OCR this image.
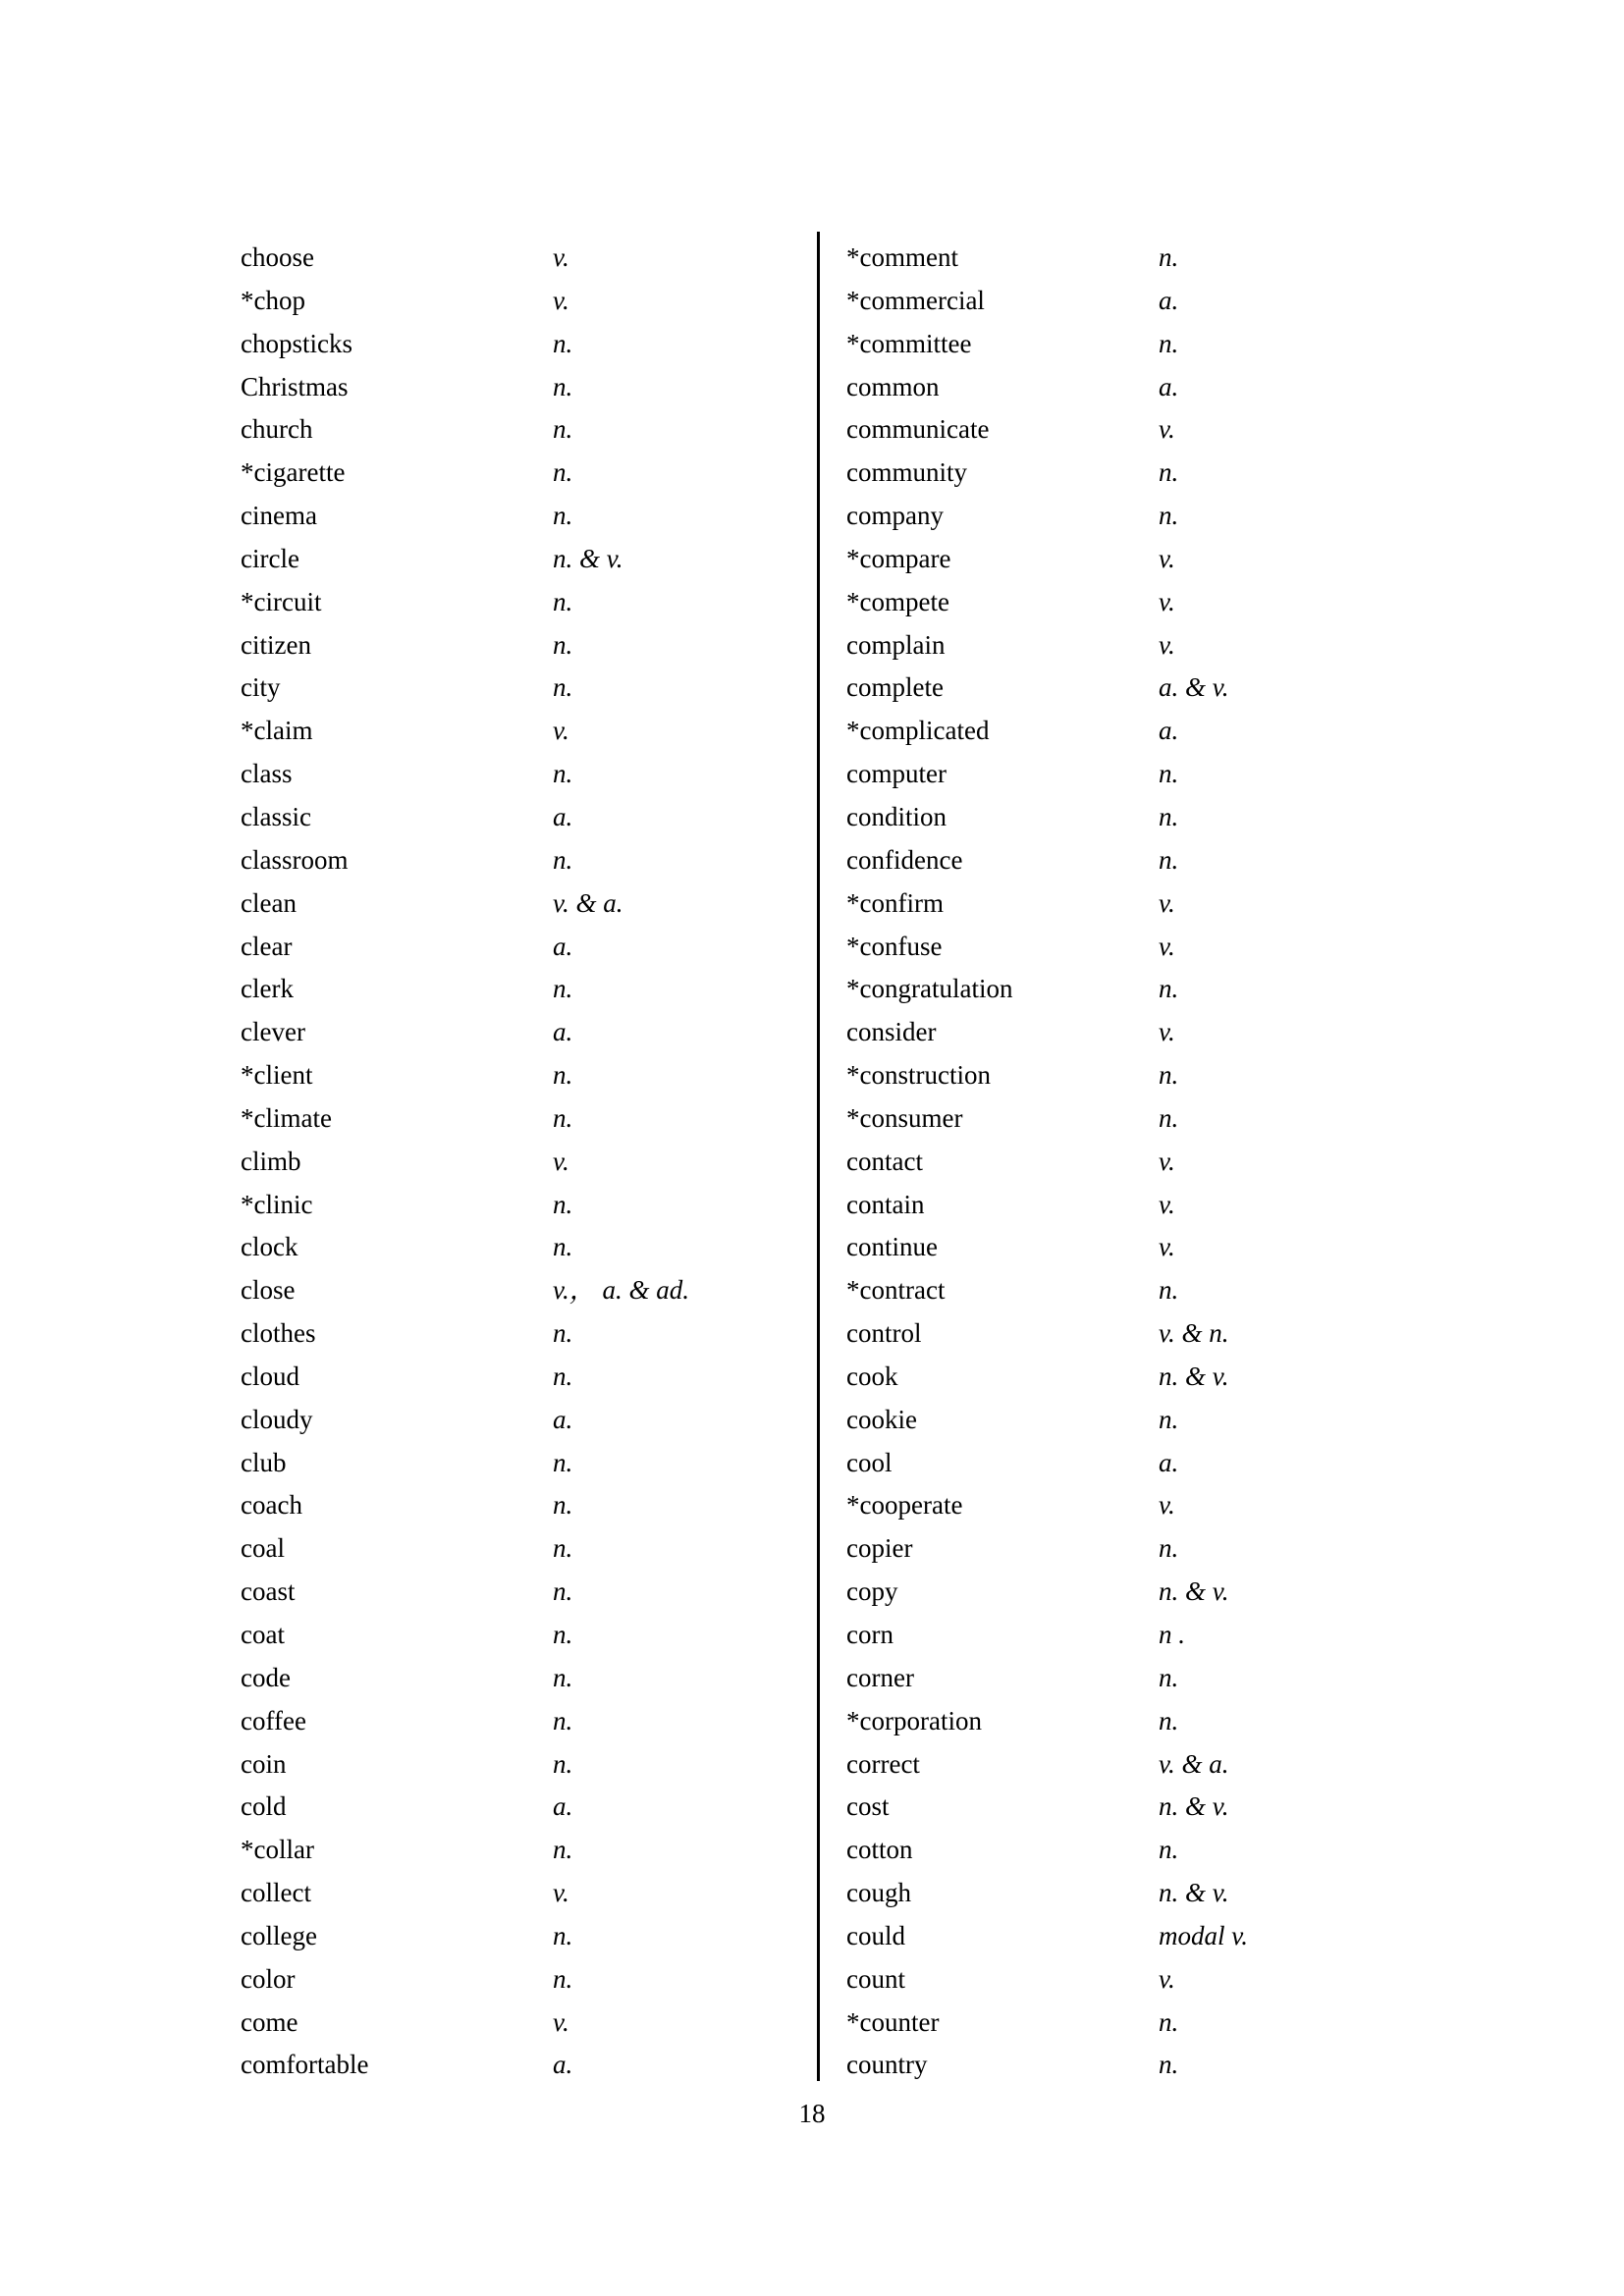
choose	v.
*chop	v.
chopsticks	n.
Christmas	n.
church	n.
*cigarette	n.
cinema	n.
circle	n. & v.
*circuit	n.
citizen	n.
city	n.
*claim	v.
class	n.
classic	a.
classroom	n.
clean	v. & a.
clear	a.
clerk	n.
clever	a.
*client	n.
*climate	n.
climb	v.
*clinic	n.
clock	n.
close	v.， a. & ad.
clothes	n.
cloud	n.
cloudy	a.
club	n.
coach	n.
coal	n.
coast	n.
coat	n.
code	n.
coffee	n.
coin	n.
cold	a.
*collar	n.
collect	v.
college	n.
color	n.
come	v.
comfortable	a.
*comment	n.
*commercial	a.
*committee	n.
common	a.
communicate	v.
community	n.
company	n.
*compare	v.
*compete	v.
complain	v.
complete	a. & v.
*complicated	a.
computer	n.
condition	n.
confidence	n.
*confirm	v.
*confuse	v.
*congratulation	n.
consider	v.
*construction	n.
*consumer	n.
contact	v.
contain	v.
continue	v.
*contract	n.
control	v. & n.
cook	n. & v.
cookie	n.
cool	a.
*cooperate	v.
copier	n.
copy	n. & v.
corn	n .
corner	n.
*corporation	n.
correct	v. & a.
cost	n. & v.
cotton	n.
cough	n. & v.
could	modal v.
count	v.
*counter	n.
country	n.
18
